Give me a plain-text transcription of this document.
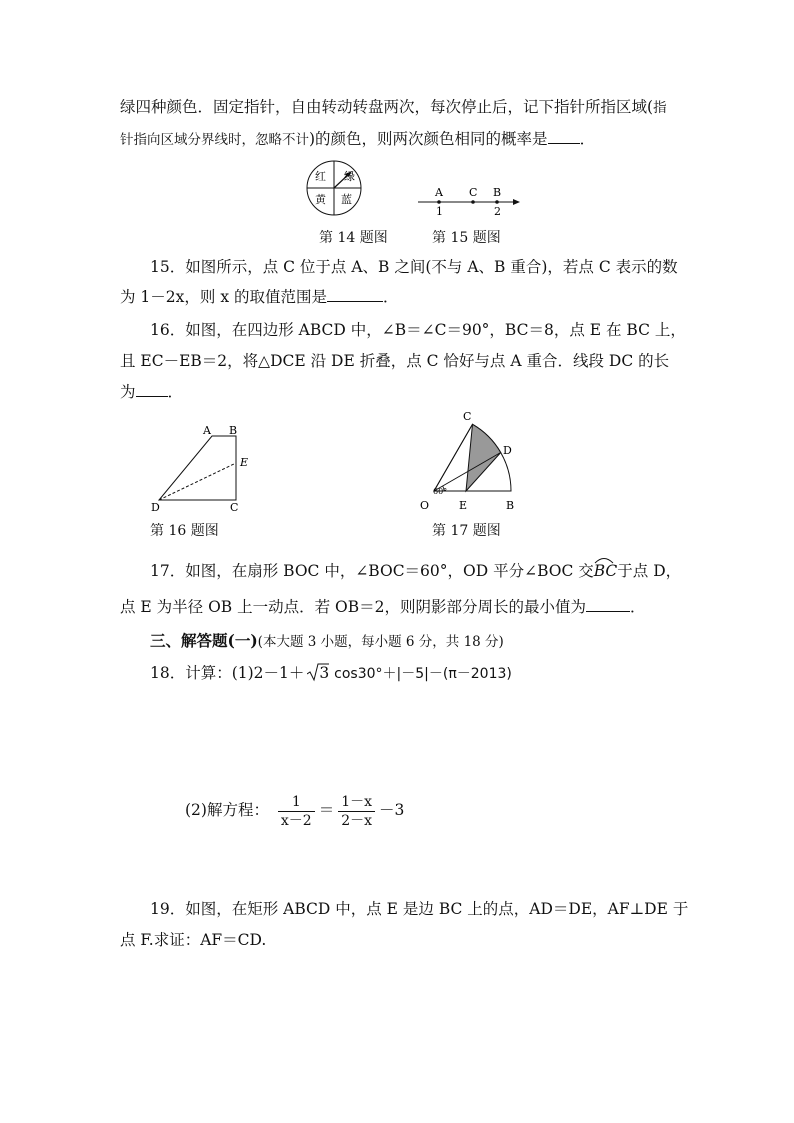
绿四种颜色．固定指针，自由转动转盘两次，每次停止后，记下指针所指区域(指
针指向区域分界线时，忽略不计)的颜色，则两次颜色相同的概率是 ．
红 绿
黄 蓝
A C B
1	2
第 14 题图	第 15 题图
15．如图所示，点 C 位于点 A、B 之间(不与 A、B 重合)，若点 C 表示的数
为 1－2x，则 x 的取值范围是	．
16．如图，在四边形 ABCD 中，∠B＝∠C＝90°，BC＝8，点 E 在 BC 上，
且 EC－EB＝2，将△DCE 沿 DE 折叠，点 C 恰好与点 A 重合．线段 DC 的长
为 ．
A B
E
D	C
C
D
60°
O	E	B
第 16 题图	第 17 题图
17．如图，在扇形 BOC 中，∠BOC＝60°，OD 平分∠BOC 交BC
于点 D，
点 E 为半径 OB 上一动点．若 OB＝2，则阴影部分周长的最小值为	．
三、解答题(一)(本大题 3 小题，每小题 6 分，共 18 分)
18．计算：(1)2－1＋ 3 cos30°＋|－5|－(π－2013)
(2)解方程： $\frac{1}{x-2} = \frac{1-x}{2-x} -3$
19．如图，在矩形 ABCD 中，点 E 是边 BC 上的点，AD＝DE，AF⊥DE 于
点 F.求证：AF＝CD.
